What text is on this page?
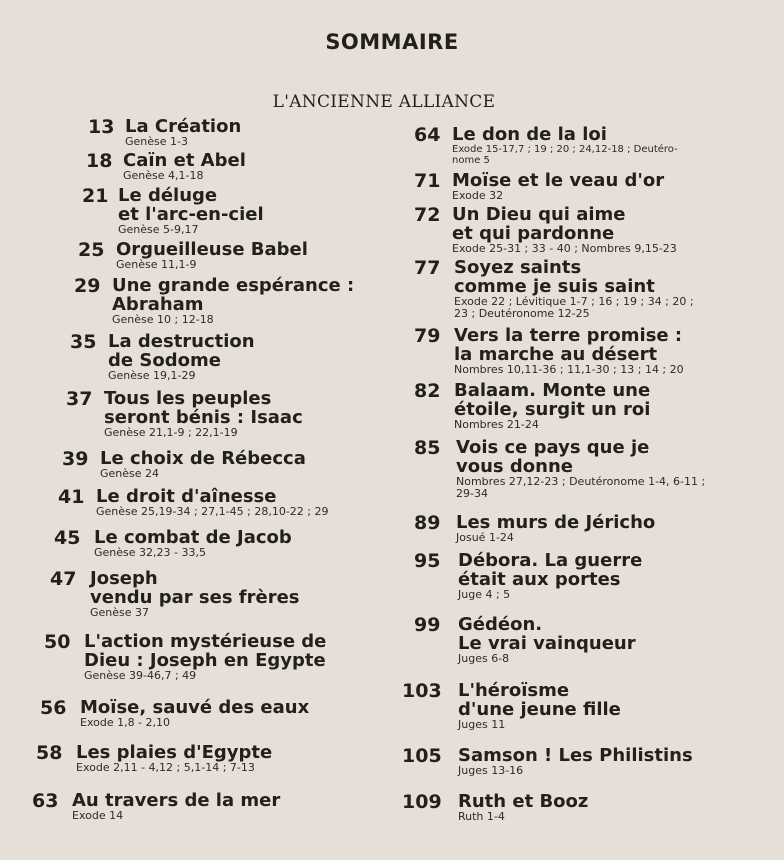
SOMMAIRE
L'ANCIENNE ALLIANCE
13 La Création
Genèse 1-3
18 Caïn et Abel
Genèse 4,1-18
21 Le déluge
et l'arc-en-ciel
Genèse 5-9,17
25 Orgueilleuse Babel
Genèse 11,1-9
29 Une grande espérance :
Abraham
Genèse 10 ; 12-18
35 La destruction
de Sodome
Genèse 19,1-29
37 Tous les peuples
seront bénis : Isaac
Genèse 21,1-9 ; 22,1-19
39 Le choix de Rébecca
Genèse 24
41 Le droit d'aînesse
Genèse 25,19-34 ; 27,1-45 ; 28,10-22 ; 29
45 Le combat de Jacob
Genèse 32,23 - 33,5
47 Joseph
vendu par ses frères
Genèse 37
50 L'action mystérieuse de
Dieu : Joseph en Egypte
Genèse 39-46,7 ; 49
56 Moïse, sauvé des eaux
Exode 1,8 - 2,10
58 Les plaies d'Egypte
Exode 2,11 - 4,12 ; 5,1-14 ; 7-13
63 Au travers de la mer
Exode 14
64 Le don de la loi
Exode 15-17,7 ; 19 ; 20 ; 24,12-18 ; Deutéro-nome 5
71 Moïse et le veau d'or
Exode 32
72 Un Dieu qui aime
et qui pardonne
Exode 25-31 ; 33 - 40 ; Nombres 9,15-23
77 Soyez saints
comme je suis saint
Exode 22 ; Lévitique 1-7 ; 16 ; 19 ; 34 ; 20 ; 23 ; Deutéronome 12-25
79 Vers la terre promise :
la marche au désert
Nombres 10,11-36 ; 11,1-30 ; 13 ; 14 ; 20
82 Balaam. Monte une
étoile, surgit un roi
Nombres 21-24
85 Vois ce pays que je
vous donne
Nombres 27,12-23 ; Deutéronome 1-4, 6-11 ; 29-34
89 Les murs de Jéricho
Josué 1-24
95 Débora. La guerre
était aux portes
Juge 4 ; 5
99 Gédéon.
Le vrai vainqueur
Juges 6-8
103 L'héroïsme
d'une jeune fille
Juges 11
105 Samson ! Les Philistins
Juges 13-16
109 Ruth et Booz
Ruth 1-4
